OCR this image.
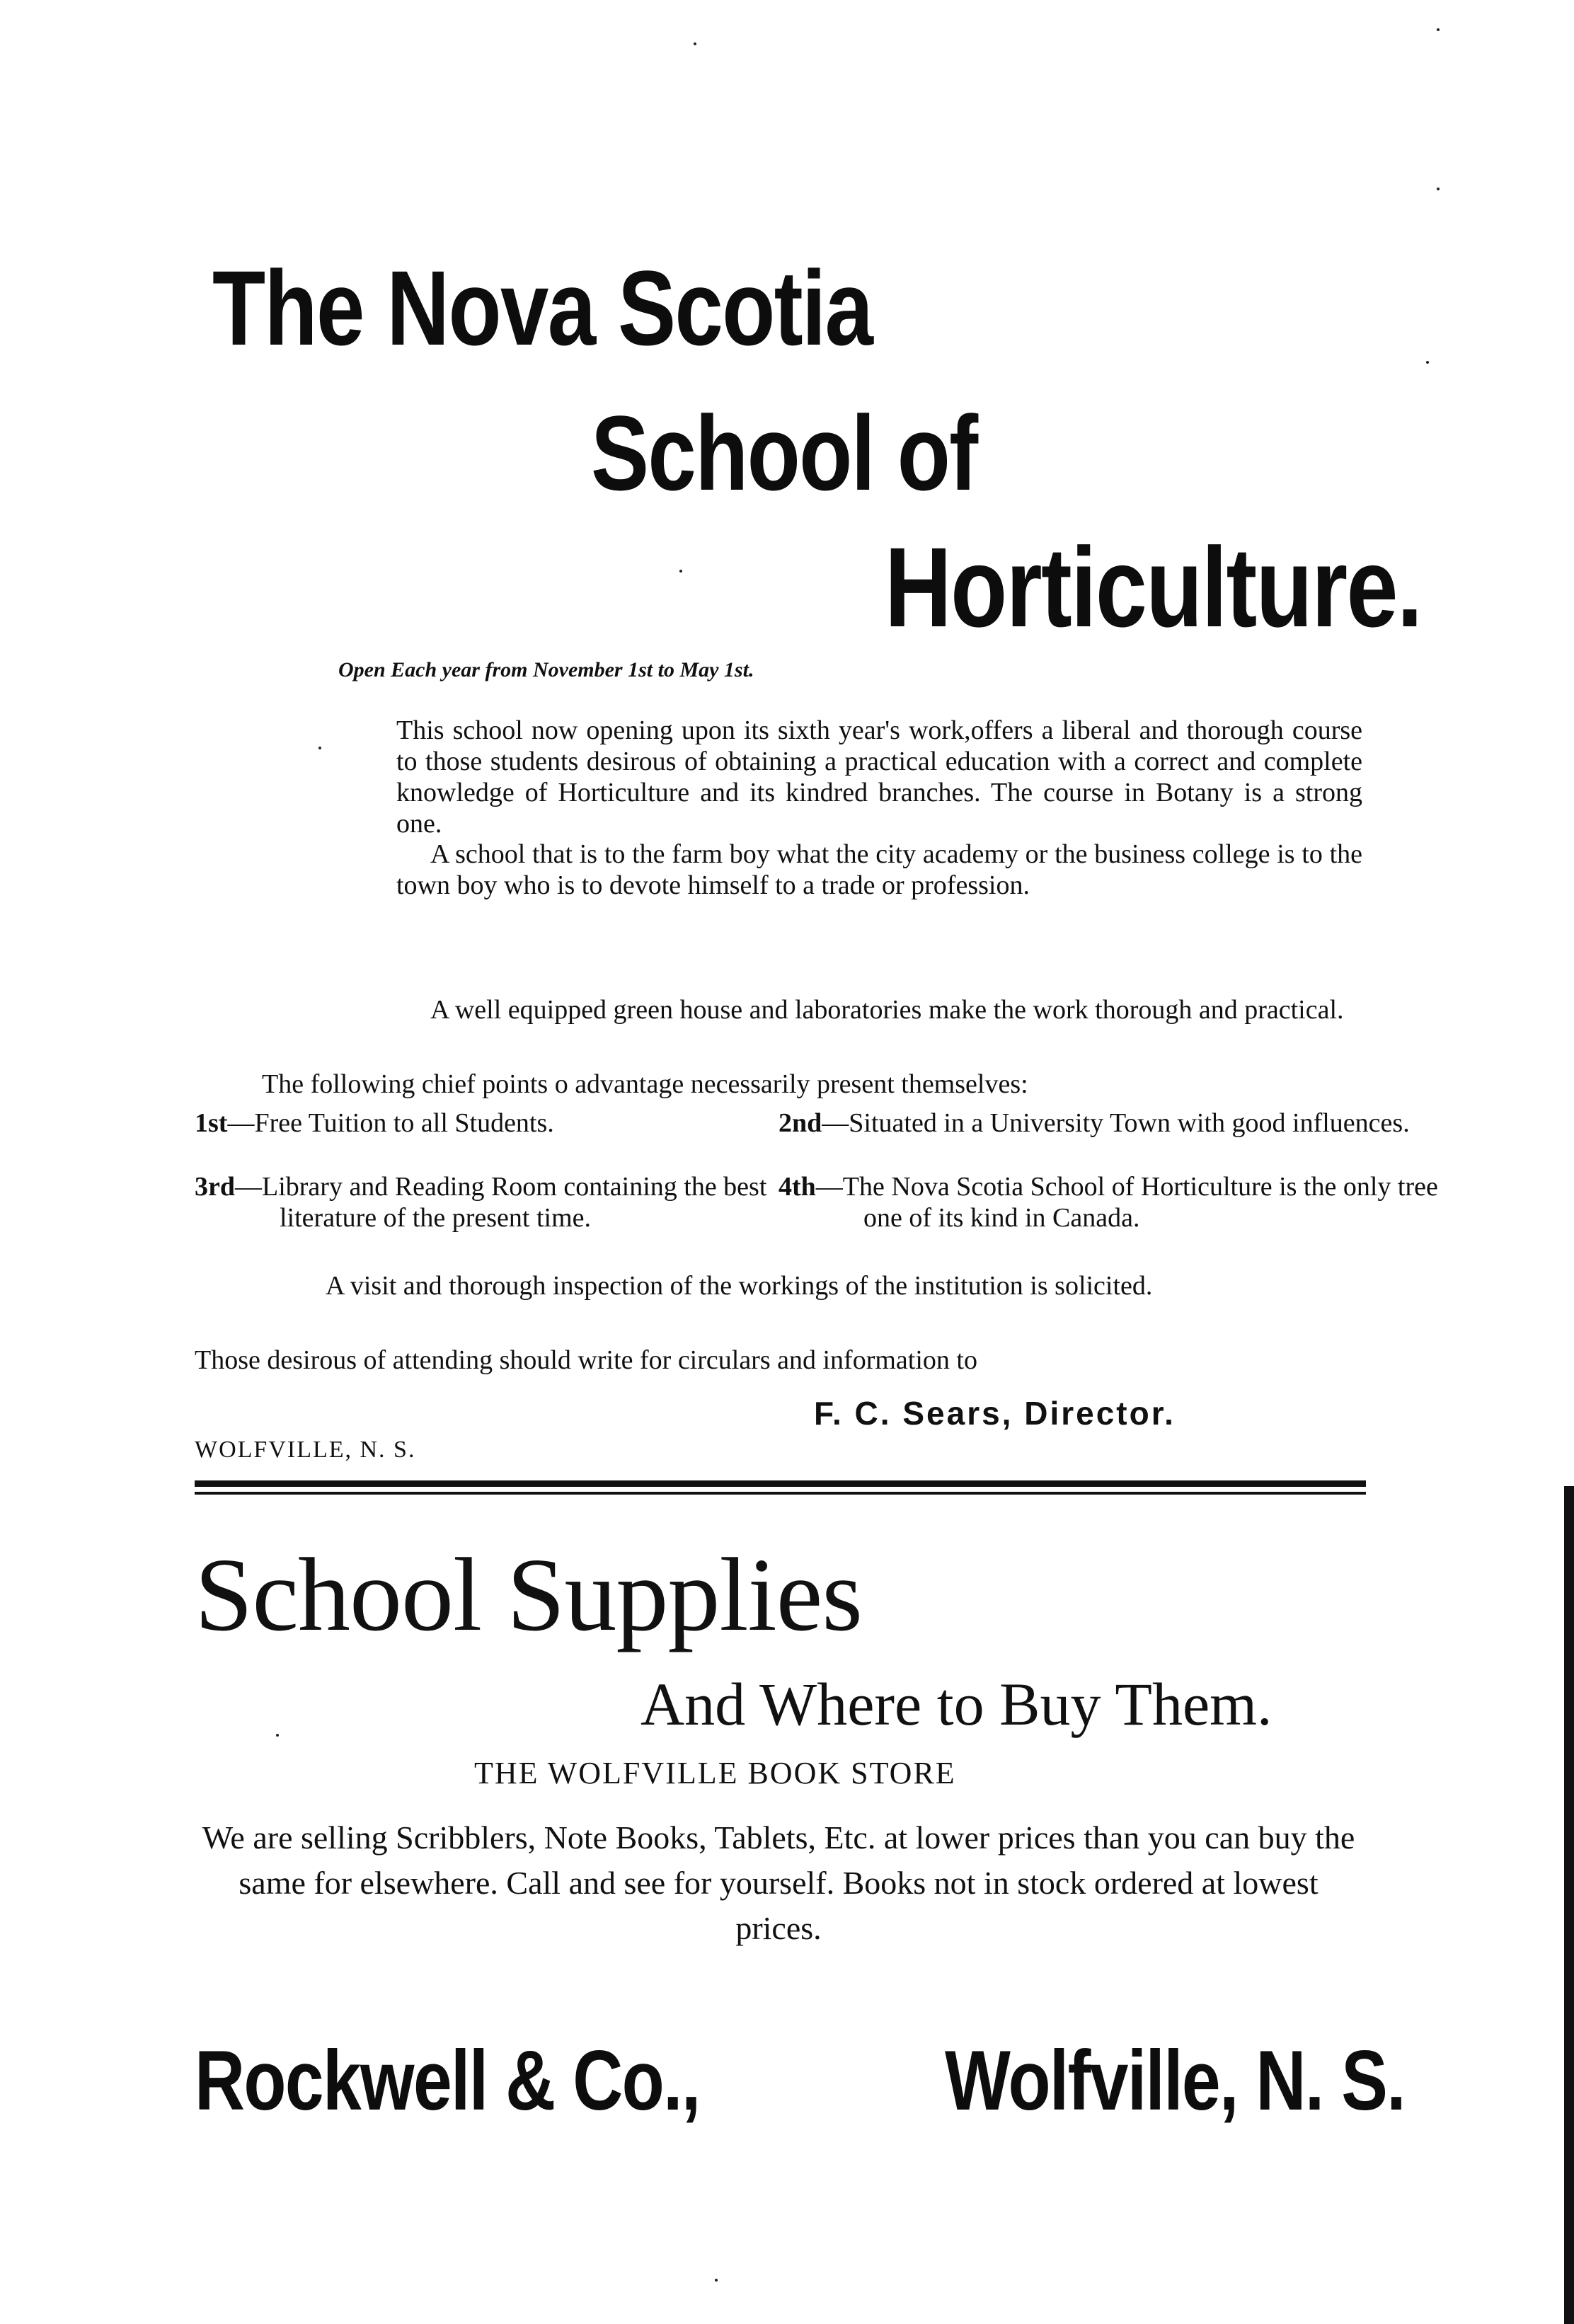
The Nova Scotia
School of
Horticulture.
Open Each year from November 1st to May 1st.
This school now opening upon its sixth year's work,offers a liberal and thorough course to those students desirous of obtaining a practical education with a correct and complete knowledge of Horticulture and its kindred branches. The course in Botany is a strong one.
A school that is to the farm boy what the city academy or the business college is to the town boy who is to devote himself to a trade or profession.
A well equipped green house and laboratories make the work thorough and practical.
The following chief points o advantage necessarily present themselves:
1st—Free Tuition to all Students.	2nd—Situated in a University Town with good influences.
3rd—Library and Reading Room containing the best literature of the present time.
4th—The Nova Scotia School of Horticulture is the only tree one of its kind in Canada.
A visit and thorough inspection of the workings of the institution is solicited.
Those desirous of attending should write for circulars and information to
F. C. Sears, Director.
WOLFVILLE, N. S.
School Supplies
And Where to Buy Them.
THE WOLFVILLE BOOK STORE
We are selling Scribblers, Note Books, Tablets, Etc. at lower prices than you can buy the same for elsewhere. Call and see for yourself. Books not in stock ordered at lowest prices.
Rockwell & Co.,	Wolfville, N. S.
